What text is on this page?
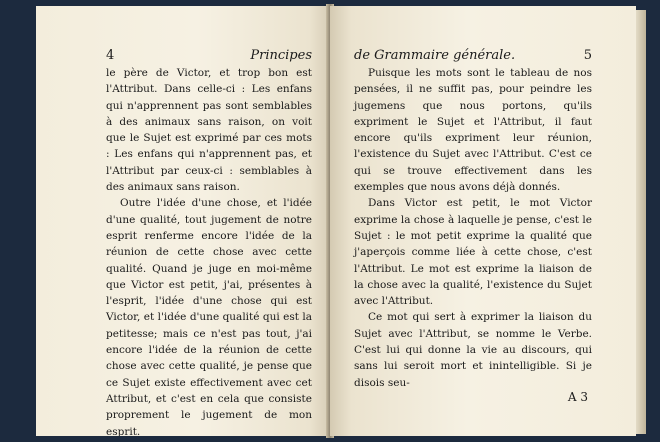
4	Principes

le père de Victor, et trop bon est l'Attribut. Dans celle-ci : Les enfans qui n'apprennent pas sont semblables à des animaux sans raison, on voit que le Sujet est exprimé par ces mots : Les enfans qui n'apprennent pas, et l'Attribut par ceux-ci : semblables à des animaux sans raison.

Outre l'idée d'une chose, et l'idée d'une qualité, tout jugement de notre esprit renferme encore l'idée de la réunion de cette chose avec cette qualité. Quand je juge en moi-même que Victor est petit, j'ai, présentes à l'esprit, l'idée d'une chose qui est Victor, et l'idée d'une qualité qui est la petitesse; mais ce n'est pas tout, j'ai encore l'idée de la réunion de cette chose avec cette qualité, je pense que ce Sujet existe effectivement avec cet Attribut, et c'est en cela que consiste proprement le jugement de mon esprit.

de Grammaire générale.	5

Puisque les mots sont le tableau de nos pensées, il ne suffit pas, pour peindre les jugemens que nous portons, qu'ils expriment le Sujet et l'Attribut, il faut encore qu'ils expriment leur réunion, l'existence du Sujet avec l'Attribut. C'est ce qui se trouve effectivement dans les exemples que nous avons déjà donnés.

Dans Victor est petit, le mot Victor exprime la chose à laquelle je pense, c'est le Sujet : le mot petit exprime la qualité que j'aperçois comme liée à cette chose, c'est l'Attribut. Le mot est exprime la liaison de la chose avec la qualité, l'existence du Sujet avec l'Attribut.

Ce mot qui sert à exprimer la liaison du Sujet avec l'Attribut, se nomme le Verbe. C'est lui qui donne la vie au discours, qui sans lui seroit mort et inintelligible. Si je disois seu-

A 3
